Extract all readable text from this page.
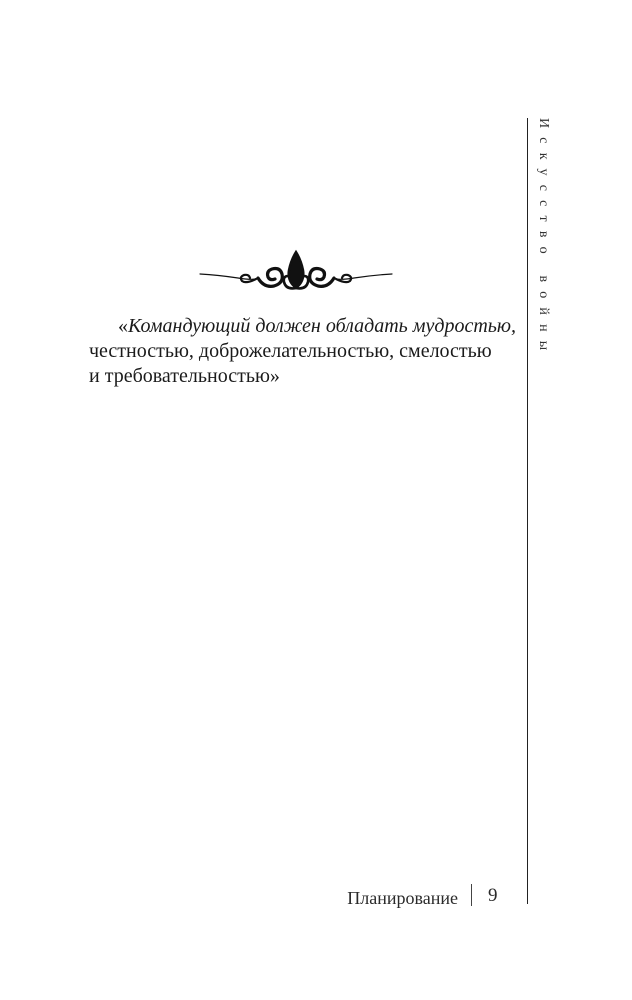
«Командующий должен обладать мудростью,
честностью, доброжелательностью, смелостью
и требовательностью»
Искусство войны
Планирование 9
